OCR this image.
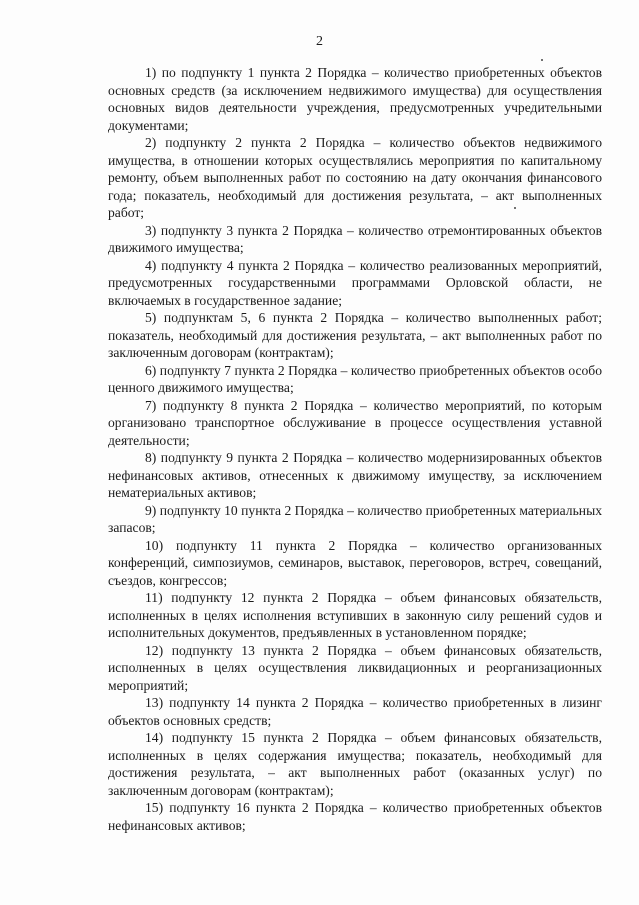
2

1) по подпункту 1 пункта 2 Порядка – количество приобретенных объектов основных средств (за исключением недвижимого имущества) для осуществления основных видов деятельности учреждения, предусмотренных учредительными документами;

2) подпункту 2 пункта 2 Порядка – количество объектов недвижимого имущества, в отношении которых осуществлялись мероприятия по капитальному ремонту, объем выполненных работ по состоянию на дату окончания финансового года; показатель, необходимый для достижения результата, – акт выполненных работ;

3) подпункту 3 пункта 2 Порядка – количество отремонтированных объектов движимого имущества;

4) подпункту 4 пункта 2 Порядка – количество реализованных мероприятий, предусмотренных государственными программами Орловской области, не включаемых в государственное задание;

5) подпунктам 5, 6 пункта 2 Порядка – количество выполненных работ; показатель, необходимый для достижения результата, – акт выполненных работ по заключенным договорам (контрактам);

6) подпункту 7 пункта 2 Порядка – количество приобретенных объектов особо ценного движимого имущества;

7) подпункту 8 пункта 2 Порядка – количество мероприятий, по которым организовано транспортное обслуживание в процессе осуществления уставной деятельности;

8) подпункту 9 пункта 2 Порядка – количество модернизированных объектов нефинансовых активов, отнесенных к движимому имуществу, за исключением нематериальных активов;

9) подпункту 10 пункта 2 Порядка – количество приобретенных материальных запасов;

10) подпункту 11 пункта 2 Порядка – количество организованных конференций, симпозиумов, семинаров, выставок, переговоров, встреч, совещаний, съездов, конгрессов;

11) подпункту 12 пункта 2 Порядка – объем финансовых обязательств, исполненных в целях исполнения вступивших в законную силу решений судов и исполнительных документов, предъявленных в установленном порядке;

12) подпункту 13 пункта 2 Порядка – объем финансовых обязательств, исполненных в целях осуществления ликвидационных и реорганизационных мероприятий;

13) подпункту 14 пункта 2 Порядка – количество приобретенных в лизинг объектов основных средств;

14) подпункту 15 пункта 2 Порядка – объем финансовых обязательств, исполненных в целях содержания имущества; показатель, необходимый для достижения результата, – акт выполненных работ (оказанных услуг) по заключенным договорам (контрактам);

15) подпункту 16 пункта 2 Порядка – количество приобретенных объектов нефинансовых активов;
